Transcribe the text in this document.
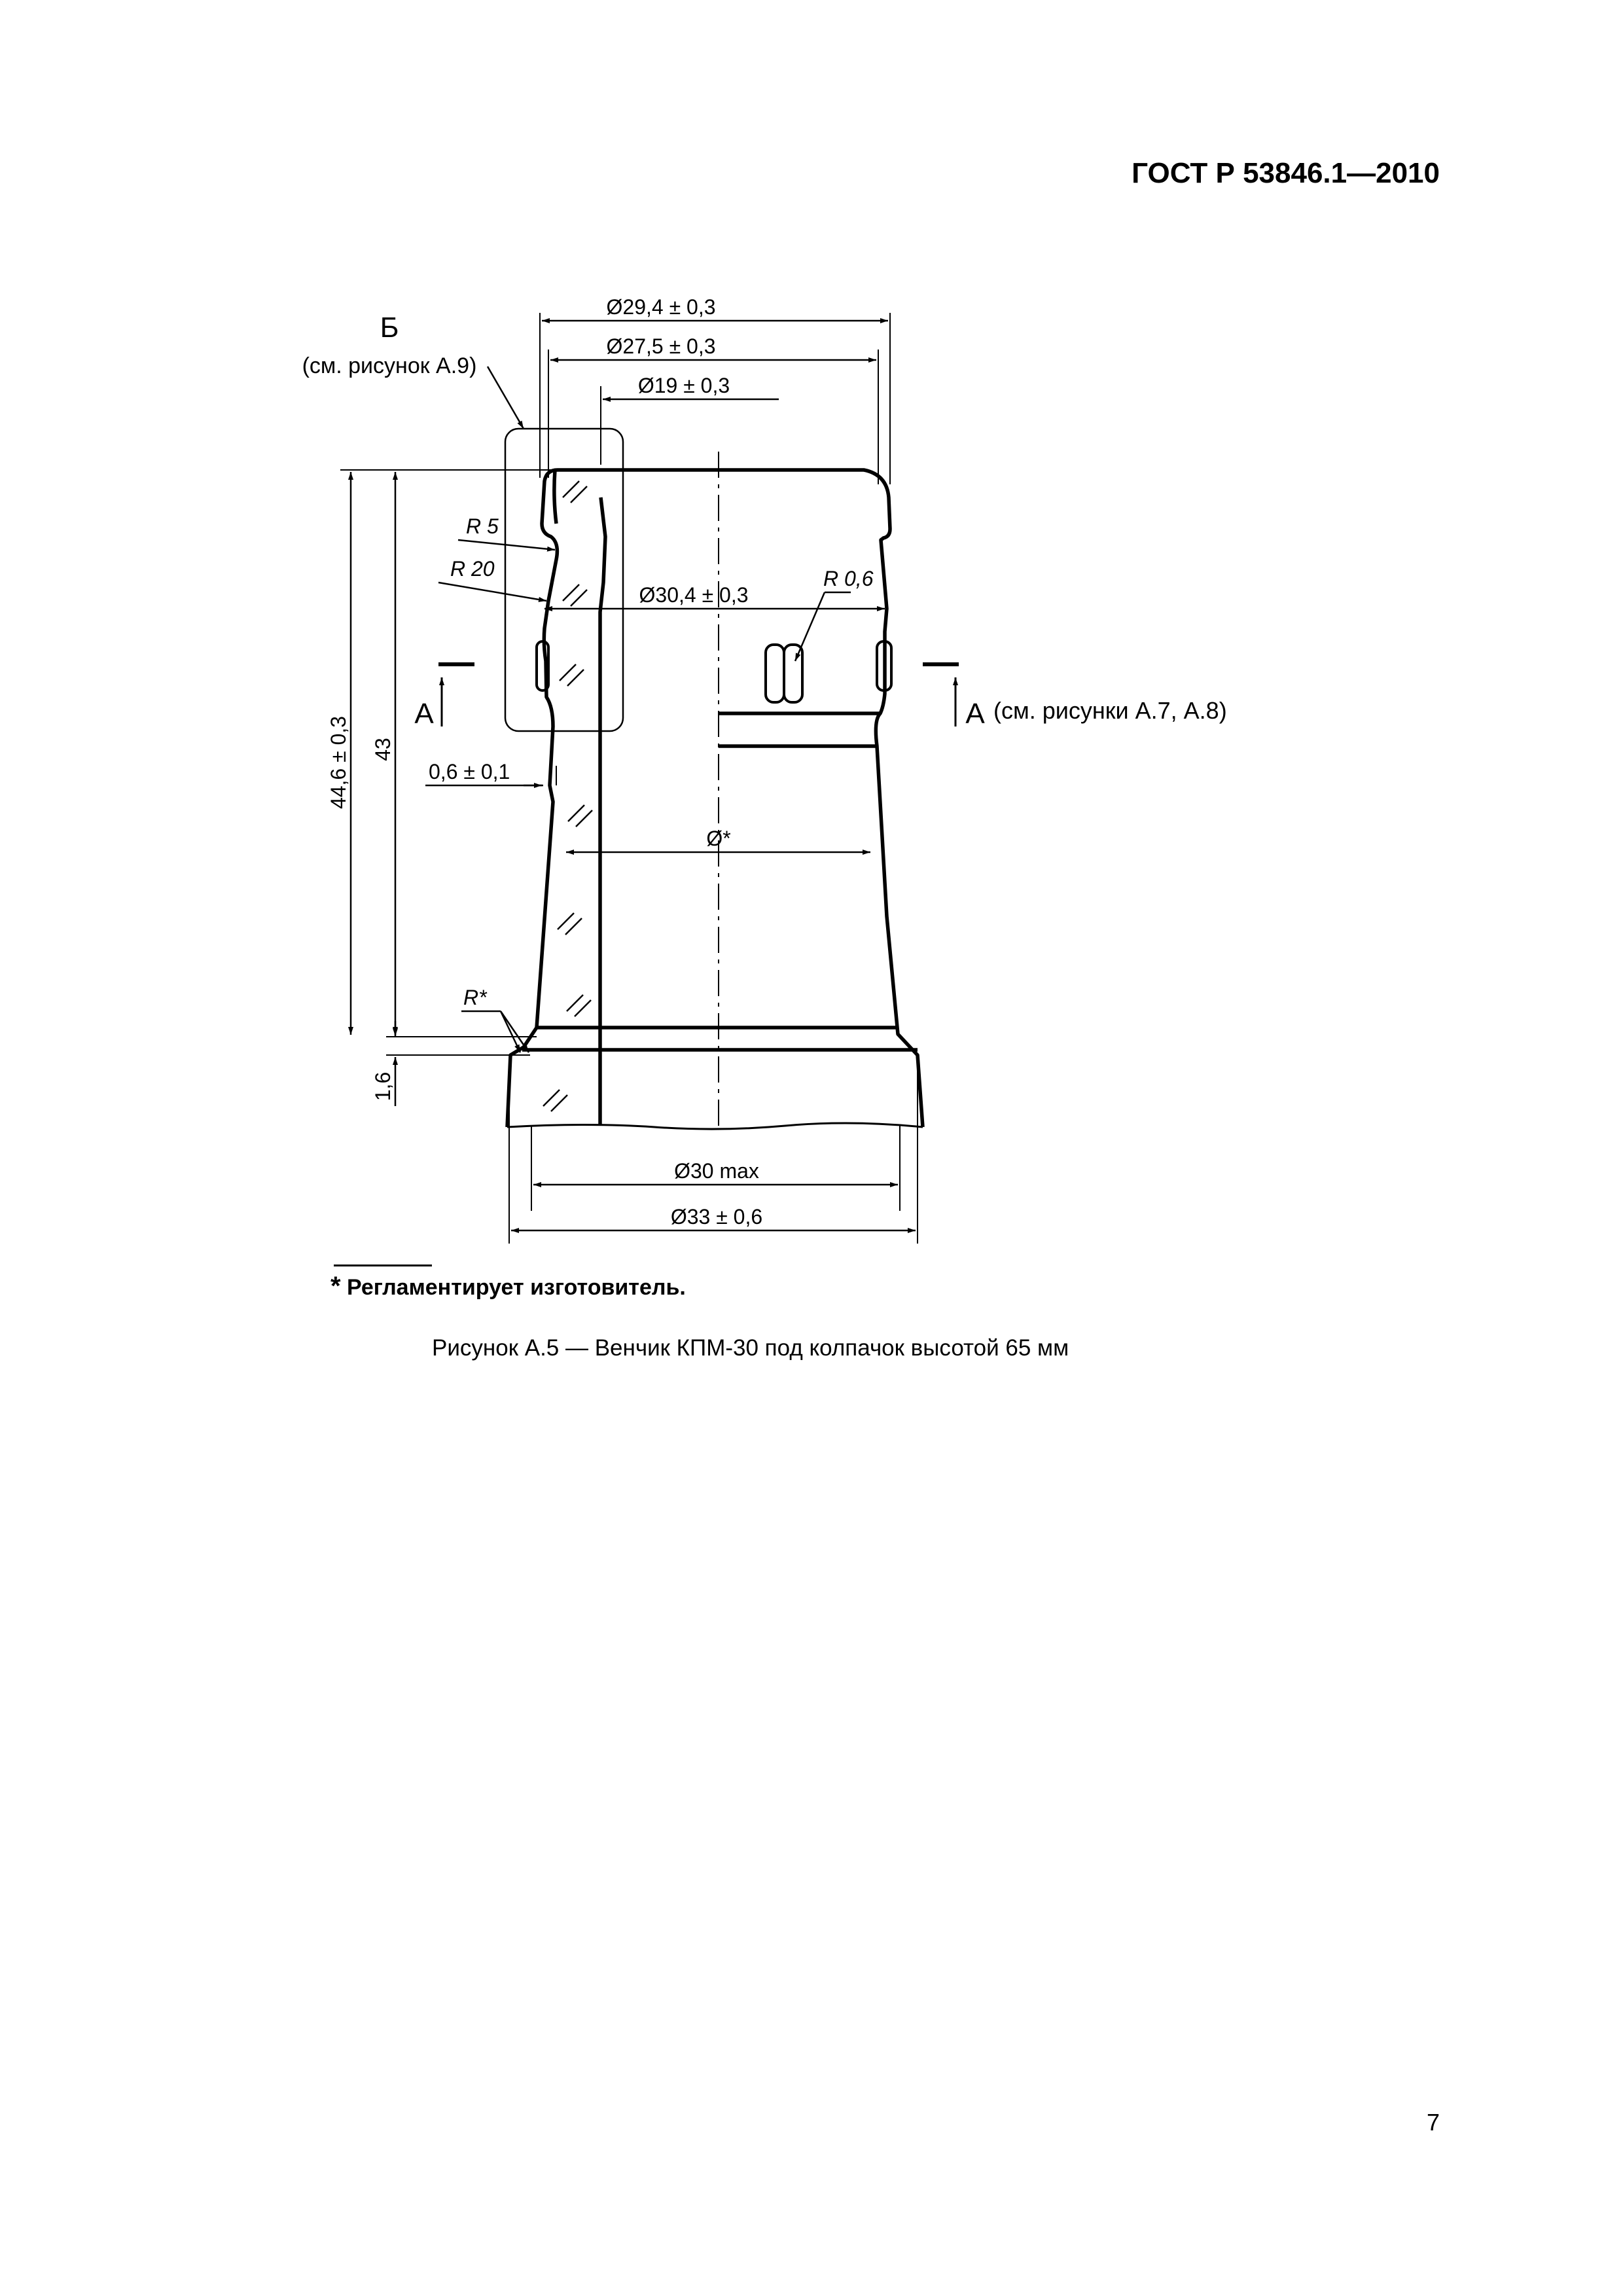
ГОСТ Р 53846.1—2010
Ø29,4 ± 0,3
Ø27,5 ± 0,3
Ø19 ± 0,3
Ø30,4 ± 0,3
Ø*
Ø30 max
Ø33 ± 0,6
0,6 ± 0,1
44,6 ± 0,3 43
1,6
R 5
R 20	R 0,6
R*
Б
(см. рисунок А.9)
А	А (см. рисунки А.7, А.8)
* Регламентирует изготовитель.
Рисунок А.5 — Венчик КПМ-30 под колпачок высотой 65 мм
7
